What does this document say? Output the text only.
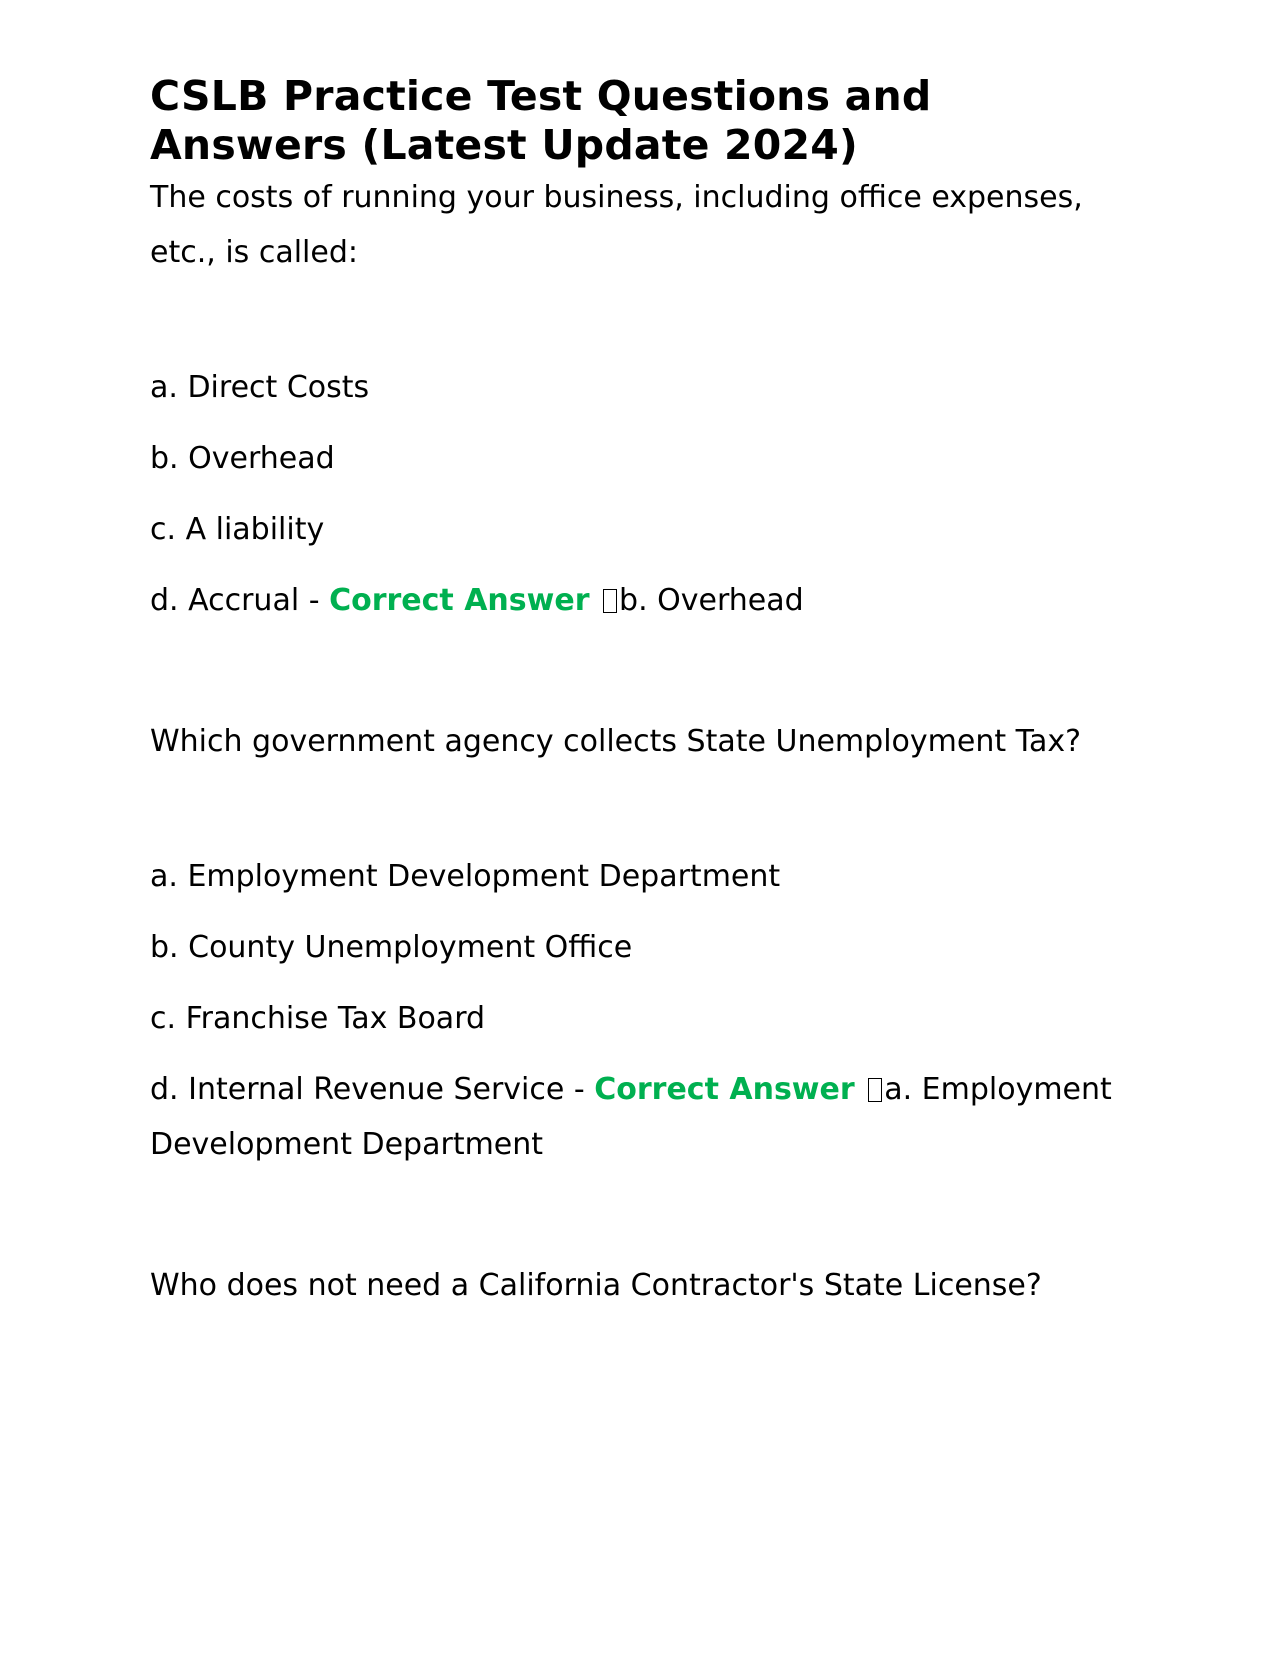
CSLB Practice Test Questions and Answers (Latest Update 2024)

The costs of running your business, including office expenses, etc., is called:

a. Direct Costs

b. Overhead

c. A liability

d. Accrual - Correct Answer b. Overhead

Which government agency collects State Unemployment Tax?

a. Employment Development Department

b. County Unemployment Office

c. Franchise Tax Board

d. Internal Revenue Service - Correct Answer a. Employment Development Department

Who does not need a California Contractor's State License?
